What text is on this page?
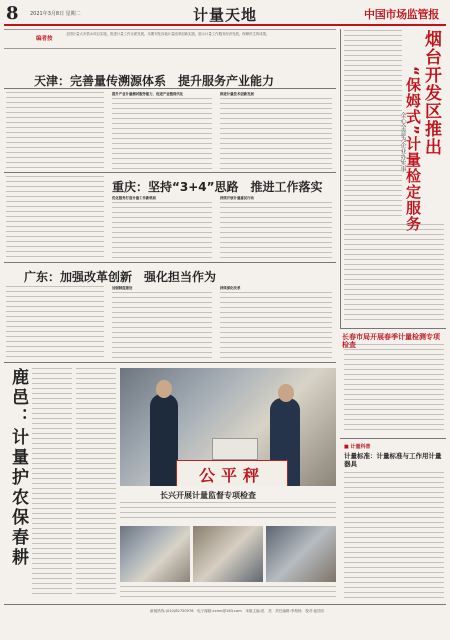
8 2021年3月8日 星期二	计量天地	中国市场监管报
编者按
全国计量大市供水项目实施，推进计量工作全面发展。本期刊发各地计量改革创新实践，展示计量工作服务经济发展、保障民生的成果。
天津：完善量传溯源体系　提升服务产业能力
提升产业计量测试服务能力，促进产业链现代化	推进计量技术创新发展
重庆：坚持“3+4”思路　推进工作落实
优化服务打造计量工作新格局	持续开展计量惠民行动
广东：加强改革创新　强化担当作为
加强制度建设	持续深化改革
烟台开发区推出
“保姆式”计量检定服务
全心全意为企业办实事
长春市局开展春季计量检测专项检查
鹿邑：计量护农保春耕	公平秤
长兴开展计量监督专项检查
■ 计量科普
计量标准：计量标准与工作用计量器具
新闻热线:(010)82750976　电子邮箱:ccmn@163.com　本版主编:范　亮　责任编辑:李柏杨　校对:崔国庆
